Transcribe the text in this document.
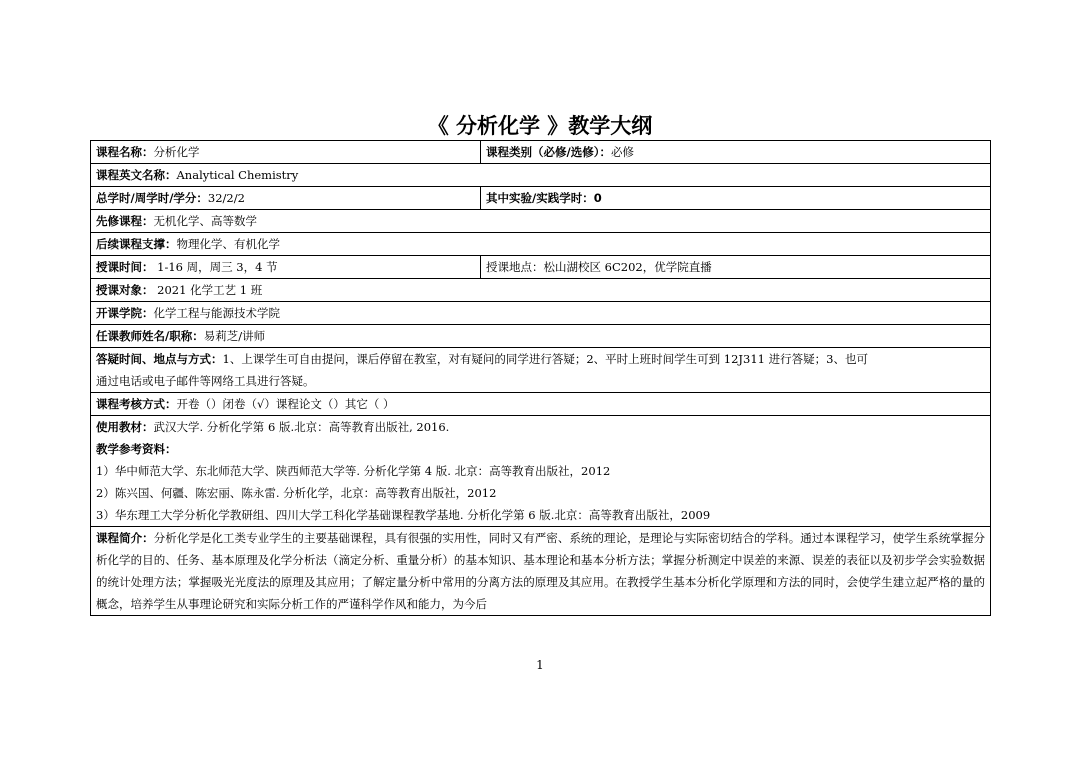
《 分析化学 》教学大纲
课程名称：分析化学	课程类别（必修/选修）：必修
课程英文名称：Analytical Chemistry	
总学时/周学时/学分：32/2/2	其中实验/实践学时：0
先修课程：无机化学、高等数学	
后续课程支撑：物理化学、有机化学	
授课时间： 1-16 周，周三 3，4 节	授课地点：松山湖校区 6C202，优学院直播
授课对象： 2021 化学工艺 1 班	
开课学院：化学工程与能源技术学院	
任课教师姓名/职称：易莉芝/讲师	

答疑时间、地点与方式：1、上课学生可自由提问，课后停留在教室，对有疑问的同学进行答疑；2、平时上班时间学生可到 12J311 进行答疑；3、也可
通过电话或电子邮件等网络工具进行答疑。	

课程考核方式：开卷（）闭卷（√）课程论文（）其它（ ）	

使用教材：武汉大学. 分析化学第 6 版.北京：高等教育出版社, 2016.
教学参考资料：
1）华中师范大学、东北师范大学、陕西师范大学等. 分析化学第 4 版. 北京：高等教育出版社，2012
2）陈兴国、何疆、陈宏丽、陈永雷. 分析化学，北京：高等教育出版社，2012
3）华东理工大学分析化学教研组、四川大学工科化学基础课程教学基地. 分析化学第 6 版.北京：高等教育出版社，2009	

课程简介：分析化学是化工类专业学生的主要基础课程，具有很强的实用性，同时又有严密、系统的理论，是理论与实际密切结合的学科。通过本课程学习，使学生系统掌握分析化学的目的、任务、基本原理及化学分析法（滴定分析、重量分析）的基本知识、基本理论和基本分析方法；掌握分析测定中误差的来源、误差的表征以及初步学会实验数据的统计处理方法；掌握吸光光度法的原理及其应用；了解定量分析中常用的分离方法的原理及其应用。在教授学生基本分析化学原理和方法的同时，会使学生建立起严格的量的概念，培养学生从事理论研究和实际分析工作的严谨科学作风和能力，为今后	
1
